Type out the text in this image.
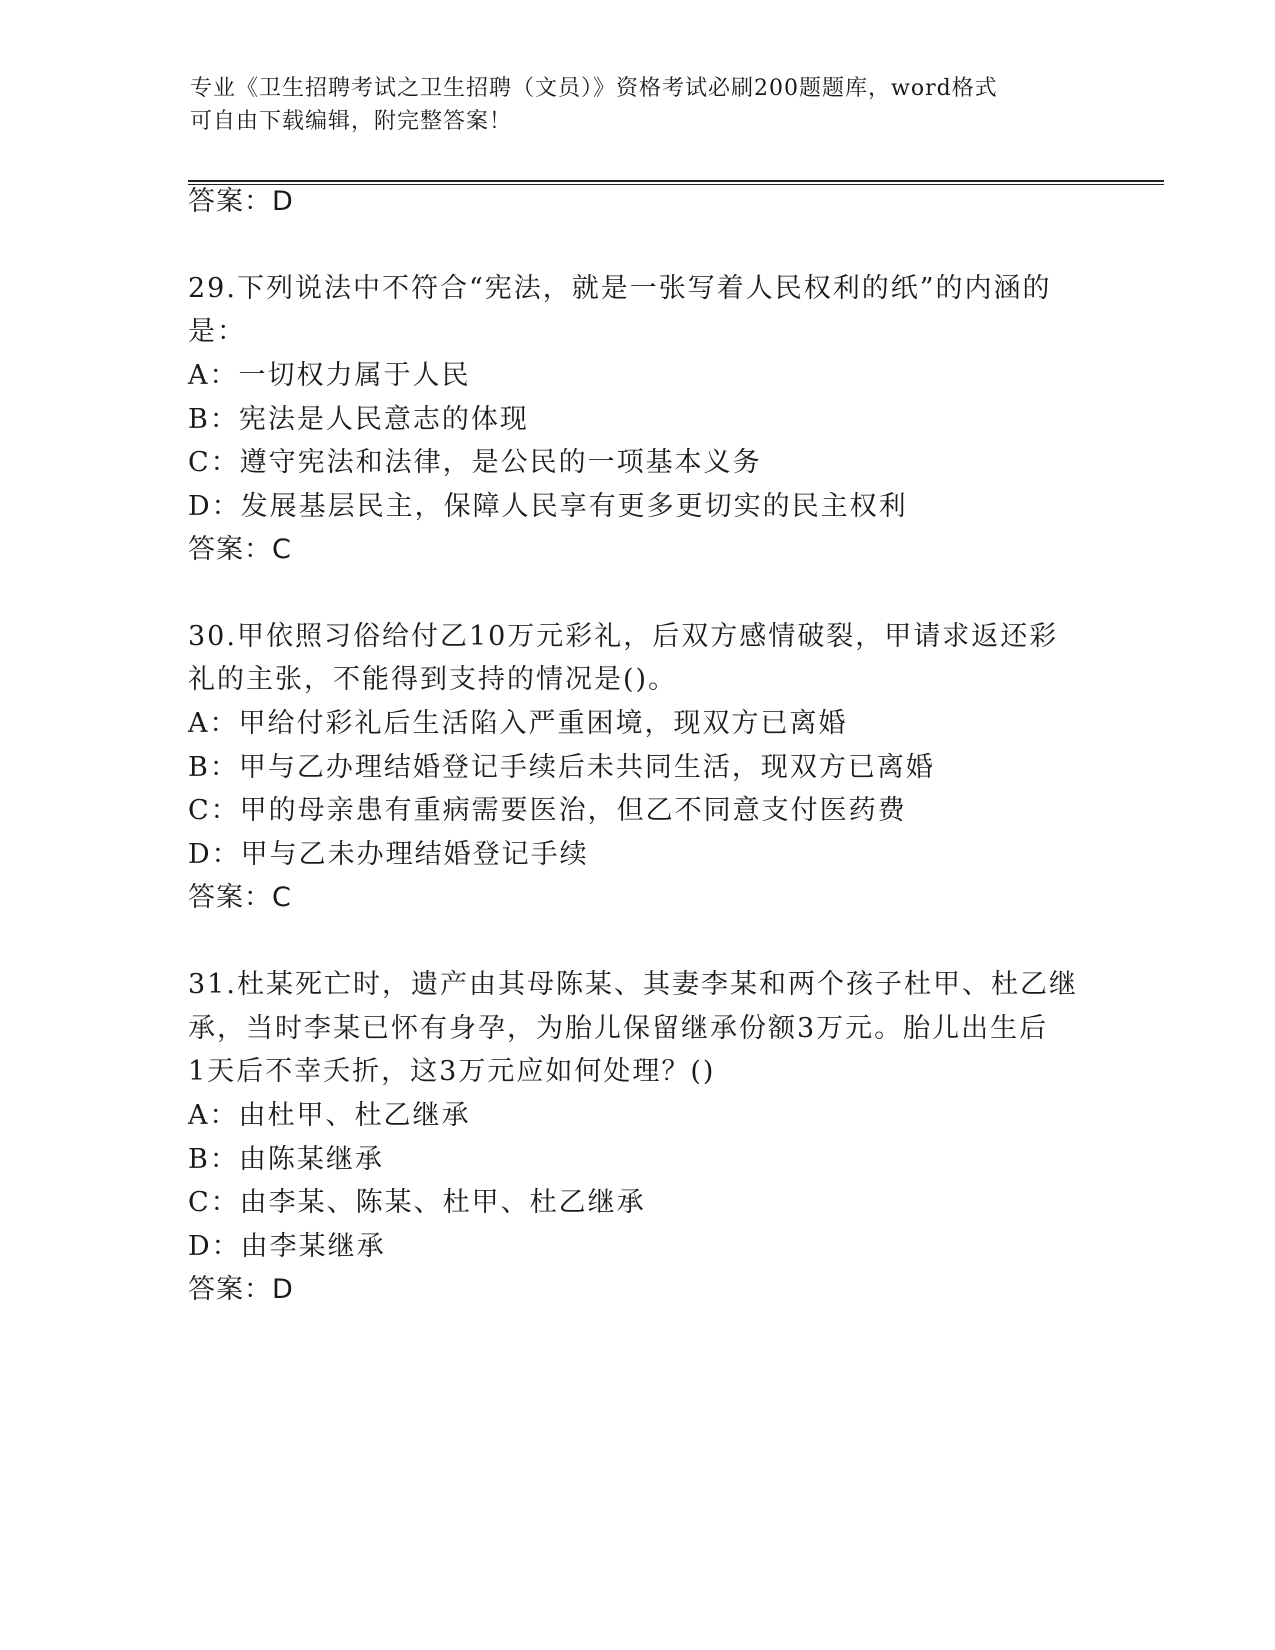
专业《卫生招聘考试之卫生招聘（文员）》资格考试必刷200题题库，word格式
可自由下载编辑，附完整答案！
答案：D
29.下列说法中不符合“宪法，就是一张写着人民权利的纸”的内涵的
是：
A：一切权力属于人民
B：宪法是人民意志的体现
C：遵守宪法和法律，是公民的一项基本义务
D：发展基层民主，保障人民享有更多更切实的民主权利
答案：C
30.甲依照习俗给付乙10万元彩礼，后双方感情破裂，甲请求返还彩
礼的主张，不能得到支持的情况是()。
A：甲给付彩礼后生活陷入严重困境，现双方已离婚
B：甲与乙办理结婚登记手续后未共同生活，现双方已离婚
C：甲的母亲患有重病需要医治，但乙不同意支付医药费
D：甲与乙未办理结婚登记手续
答案：C
31.杜某死亡时，遗产由其母陈某、其妻李某和两个孩子杜甲、杜乙继
承，当时李某已怀有身孕，为胎儿保留继承份额3万元。胎儿出生后
1天后不幸夭折，这3万元应如何处理？()
A：由杜甲、杜乙继承
B：由陈某继承
C：由李某、陈某、杜甲、杜乙继承
D：由李某继承
答案：D
